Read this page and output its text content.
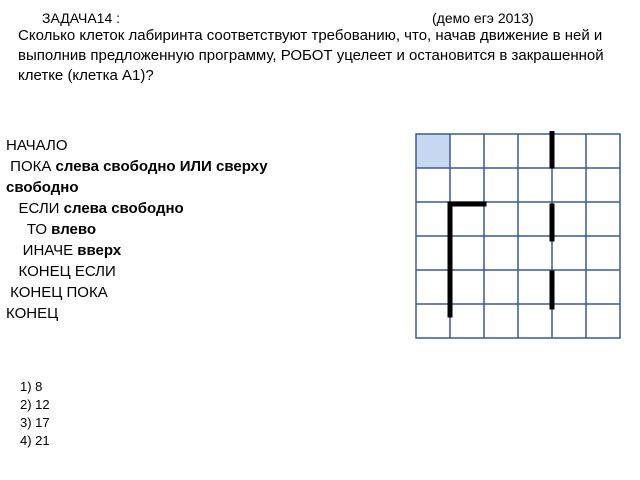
ЗАДАЧА14 :	(демо егэ 2013)
Сколько клеток лабиринта соответствуют требованию, что, начав движение в ней и выполнив предложенную программу, РОБОТ уцелеет и остановится в закрашенной клетке (клетка А1)?
НАЧАЛО
ПОКА слева свободно ИЛИ сверху
свободно
ЕСЛИ слева свободно
ТО влево
ИНАЧЕ вверх
КОНЕЦ ЕСЛИ
КОНЕЦ ПОКА
КОНЕЦ
1) 8
2) 12
3) 17
4) 21
